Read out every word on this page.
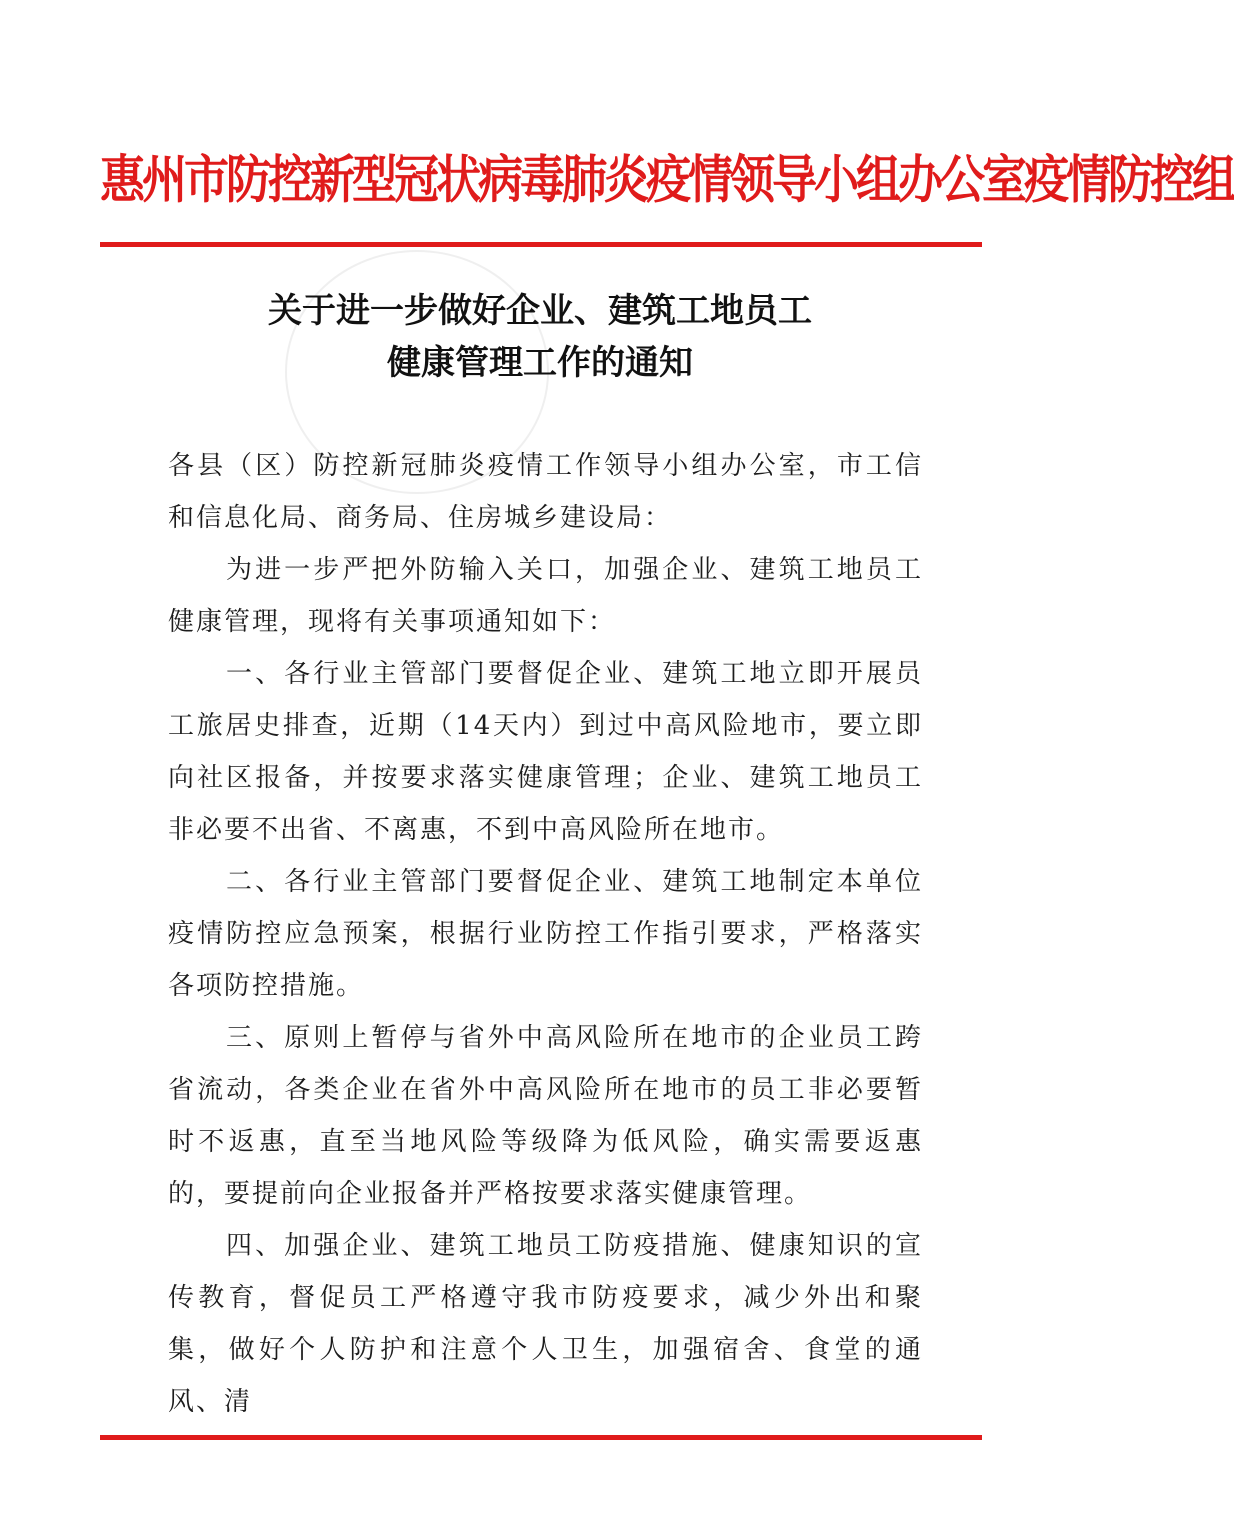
惠州市防控新型冠状病毒肺炎疫情领导小组办公室疫情防控组
关于进一步做好企业、建筑工地员工
健康管理工作的通知

各县（区）防控新冠肺炎疫情工作领导小组办公室，市工信和信息化局、商务局、住房城乡建设局：

为进一步严把外防输入关口，加强企业、建筑工地员工健康管理，现将有关事项通知如下：

一、各行业主管部门要督促企业、建筑工地立即开展员工旅居史排查，近期（14天内）到过中高风险地市，要立即向社区报备，并按要求落实健康管理；企业、建筑工地员工非必要不出省、不离惠，不到中高风险所在地市。

二、各行业主管部门要督促企业、建筑工地制定本单位疫情防控应急预案，根据行业防控工作指引要求，严格落实各项防控措施。

三、原则上暂停与省外中高风险所在地市的企业员工跨省流动，各类企业在省外中高风险所在地市的员工非必要暂时不返惠，直至当地风险等级降为低风险，确实需要返惠的，要提前向企业报备并严格按要求落实健康管理。

四、加强企业、建筑工地员工防疫措施、健康知识的宣传教育，督促员工严格遵守我市防疫要求，减少外出和聚集，做好个人防护和注意个人卫生，加强宿舍、食堂的通风、清
